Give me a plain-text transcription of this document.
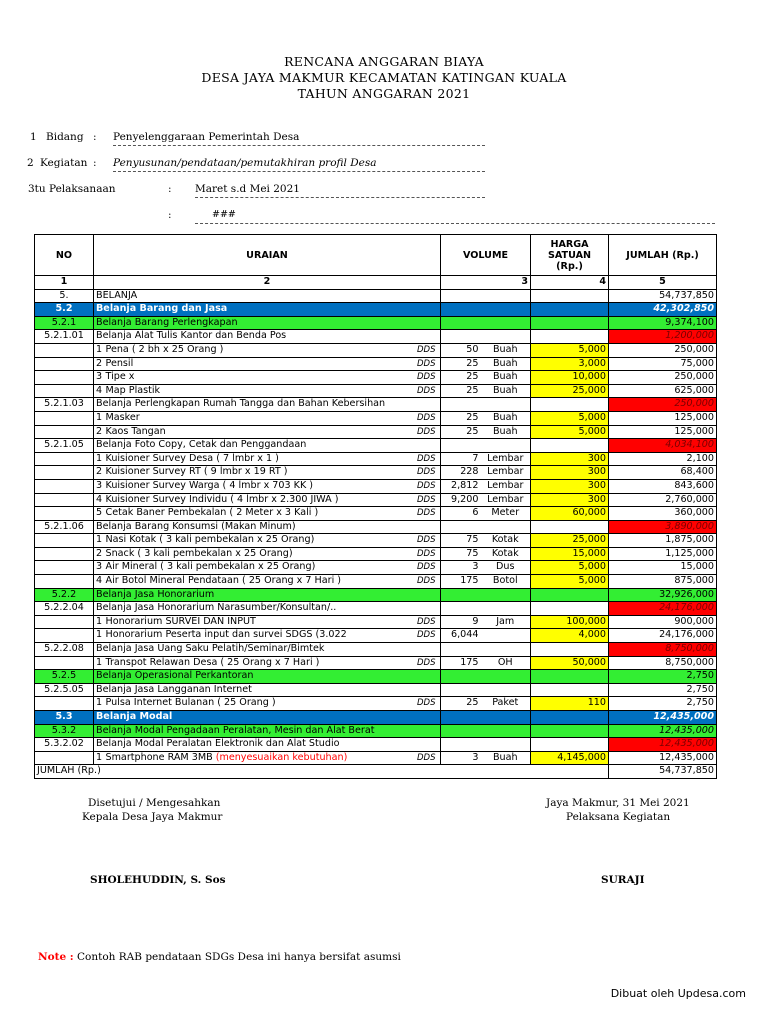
RENCANA ANGGARAN BIAYA
DESA JAYA MAKMUR KECAMATAN KATINGAN KUALA
TAHUN ANGGARAN 2021
1 Bidang : Penyelenggaraan Pemerintah Desa
2 Kegiatan : Penyusunan/pendataan/pemutakhiran profil Desa
3tu Pelaksanaan	: Maret s.d Mei 2021
:	###
NO	URAIAN			VOLUME		HARGA SATUAN (Rp.)	JUMLAH (Rp.)
1	2			3		4	5
5.	BELANJA						54,737,850
5.2	Belanja Barang dan Jasa						42,302,850
5.2.1	Belanja Barang Perlengkapan						9,374,100
5.2.1.01	Belanja Alat Tulis Kantor dan Benda Pos						1,200,000
	1	Pena ( 2 bh x 25 Orang )	DDS	50	Buah	5,000	250,000
	2	Pensil	DDS	25	Buah	3,000	75,000
	3	Tipe x	DDS	25	Buah	10,000	250,000
	4	Map Plastik	DDS	25	Buah	25,000	625,000
5.2.1.03	Belanja Perlengkapan Rumah Tangga dan Bahan Kebersihan						250,000
	1	Masker	DDS	25	Buah	5,000	125,000
	2	Kaos Tangan	DDS	25	Buah	5,000	125,000
5.2.1.05	Belanja Foto Copy, Cetak dan Penggandaan						4,034,100
	1	Kuisioner Survey Desa ( 7 lmbr x 1 )	DDS	7	Lembar	300	2,100
	2	Kuisioner Survey RT ( 9 lmbr x 19 RT )	DDS	228	Lembar	300	68,400
	3	Kuisioner Survey Warga ( 4 lmbr x 703 KK )	DDS	2,812	Lembar	300	843,600
	4	Kuisioner Survey Individu ( 4 lmbr x 2.300 JIWA )	DDS	9,200	Lembar	300	2,760,000
	5	Cetak Baner Pembekalan ( 2 Meter x 3 Kali )	DDS	6	Meter	60,000	360,000
5.2.1.06	Belanja Barang Konsumsi (Makan Minum)						3,890,000
	1	Nasi Kotak ( 3 kali pembekalan x 25 Orang)	DDS	75	Kotak	25,000	1,875,000
	2	Snack ( 3 kali pembekalan x 25 Orang)	DDS	75	Kotak	15,000	1,125,000
	3	Air Mineral ( 3 kali pembekalan x 25 Orang)	DDS	3	Dus	5,000	15,000
	4	Air Botol Mineral Pendataan ( 25 Orang x 7 Hari )	DDS	175	Botol	5,000	875,000
5.2.2	Belanja Jasa Honorarium						32,926,000
5.2.2.04	Belanja Jasa Honorarium Narasumber/Konsultan/..						24,176,000
	1	Honorarium SURVEI DAN INPUT	DDS	9	Jam	100,000	900,000
	1	Honorarium Peserta input dan survei SDGS (3.022	DDS	6,044		4,000	24,176,000
5.2.2.08	Belanja Jasa Uang Saku Pelatih/Seminar/Bimtek						8,750,000
	1	Transpot Relawan Desa ( 25 Orang x 7 Hari )	DDS	175	OH	50,000	8,750,000
5.2.5	Belanja Operasional Perkantoran						2,750
5.2.5.05	Belanja Jasa Langganan Internet						2,750
	1	Pulsa Internet Bulanan ( 25 Orang )	DDS	25	Paket	110	2,750
5.3	Belanja Modal						12,435,000
5.3.2	Belanja Modal Pengadaan Peralatan, Mesin dan Alat Berat						12,435,000
5.3.2.02	Belanja Modal Peralatan Elektronik dan Alat Studio						12,435,000
	1	Smartphone RAM 3MB (menyesuaikan kebutuhan)	DDS	3	Buah	4,145,000	12,435,000
JUMLAH (Rp.)							54,737,850
Disetujui / Mengesahkan
Kepala Desa Jaya Makmur
SHOLEHUDDIN, S. Sos
Jaya Makmur, 31 Mei 2021
Pelaksana Kegiatan
SURAJI
Note : Contoh RAB pendataan SDGs Desa ini hanya bersifat asumsi
Dibuat oleh Updesa.com
